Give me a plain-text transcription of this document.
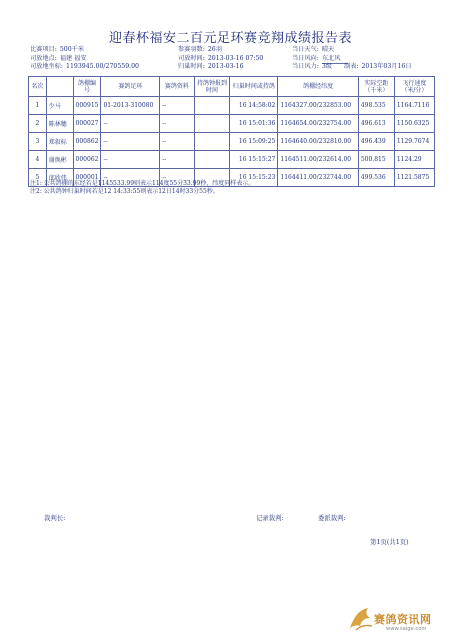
迎春杯福安二百元足环赛竞翔成绩报告表
比赛项目: 500千米	参赛羽数: 26羽	当日天气: 晴天
司放地点: 福建 福安	司放时间: 2013-03-16 07:50	当日风向: 东北风
司放地坐标: 1193945.00/270559.00	归巢时间: 2013-03-16	当日风力: 3级 制表: 2013年03月16日
名次		鸽棚编号	赛鸽足环	赛鸽资料	持鸽钟报到时间	归巢时间或持鸽	鸽棚经纬度	实际空距（千米）	飞行速度（米/分）
1	少马	000915	01-2013-310080	--		16 14:58:02	1164327.00/232853.00	498.535	1164.7116
2	陈林穗	000027	--	--		16 15:01:36	1164654.00/232754.00	496.613	1150.6325
3	郑叙标	000862	--	--		16 15:09:25	1164640.00/232810.00	496.439	1129.7674
4	谢焕彬	000062	--	--		16 15:15:27	1164511.00/232614.00	500.815	1124.29
5	邱欣伟	000001	--	--		16 15:15:23	1164411.00/232744.00	499.536	1121.5875
注1: 公共鸽棚的东经若是1145533.99则表示114度55分33.99秒，纬度同样表示。
注2: 公共鸽钟归巢时间若是12 14:33:55则表示12日14时33分55秒。
裁判长:	记录裁判:	委派裁判:
第1页(共1页)
赛鸽资讯网
www.saige.com
